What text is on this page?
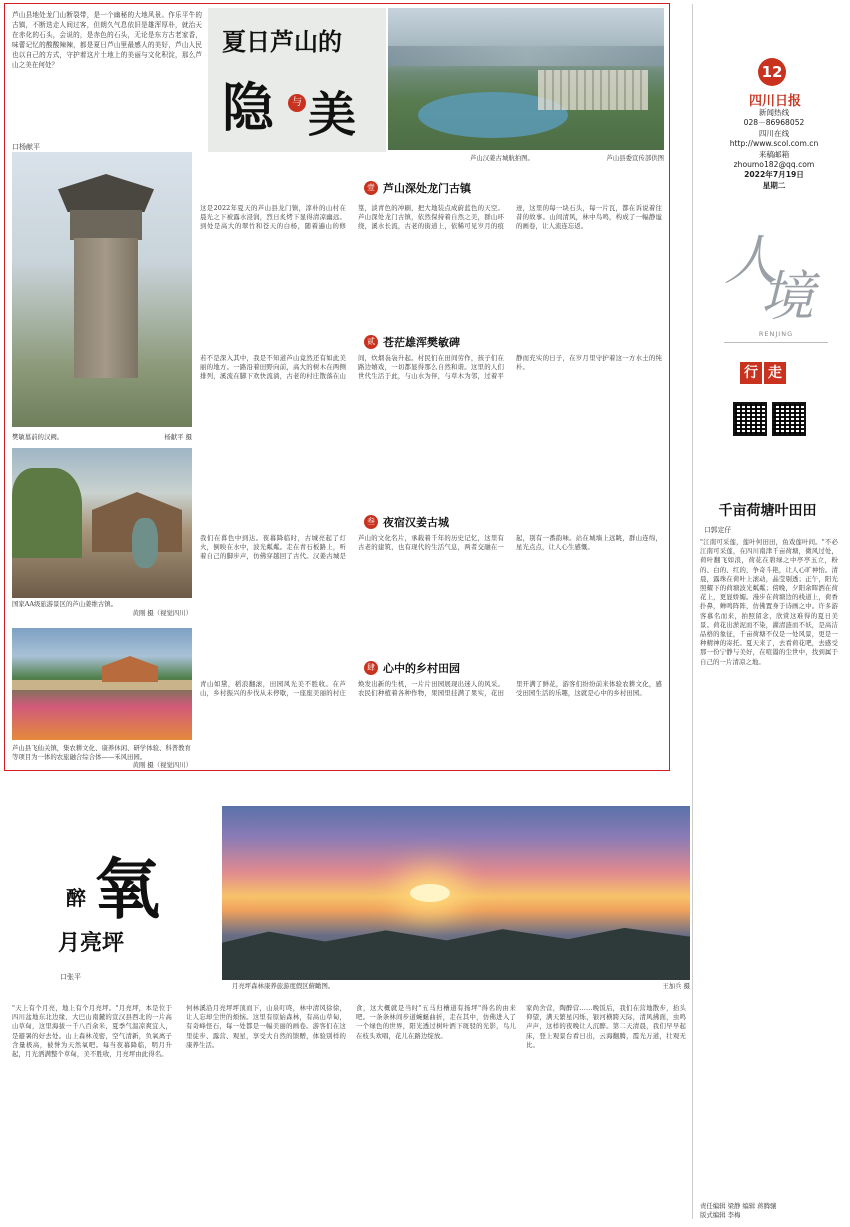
12
四川日报
新闻热线
028－86968052
四川在线
http://www.scol.com.cn
来稿邮箱
zhoumo182@qq.com
2022年7月19日
星期二
人
境
RENJING
行 走
千亩荷塘叶田田
口郭定仔
"江南可采莲，莲叶何田田，鱼戏莲叶间。"不必江南可采莲，在四川南津千亩荷塘，微风过处，荷叶翻飞如浪，荷花在碧绿之中亭亭玉立，粉的、白的、红的，争奇斗艳，让人心旷神怡。清晨，露珠在荷叶上滚动，晶莹剔透；正午，阳光照耀下的荷塘波光粼粼；傍晚，夕阳余晖洒在荷花上，更显娇媚。漫步在荷塘边的栈道上，荷香扑鼻，蝉鸣阵阵，仿佛置身于诗画之中。许多游客慕名而来，拍照留念，欣赏这难得的夏日美景。荷花出淤泥而不染，濯清涟而不妖，是高洁品格的象征，千亩荷塘不仅是一处风景，更是一种精神的寄托。夏天来了，去看荷花吧，去感受那一份宁静与美好，在喧嚣的尘世中，找到属于自己的一片清凉之地。
责任编辑 梁静 编辑 蒋腾骧
版式编辑 李梅
芦山县地处龙门山断裂带，是一个幽秘的大地风景。作乐平牛的古镇，不断迭走人间过客，但朗久气息依旧是雄浑厚朴，就治天在赤化的石头，会说的，是赤色的石头，无论是东方古老家香，味蕾记忆的酸酸辣辣，都是夏日芦山里最感人的美好，芦山人民也以自己的方式，守护着这片土地上的美丽与文化积淀，那么芦山之美在何处？
口杨献平
夏日芦山的
隐	与 美
芦山汉姜古城航拍图。	芦山县委宣传部供图
樊敏墓前的汉阙。	杨献平 摄
国家AA级旅游景区的芦山姜维古镇。
黄刚 摄（视觉四川）
芦山县飞仙关镇，集农耕文化、康养休闲、研学体验、科普教育等项目为一体的农旅融合综合体——禾风田园。
黄刚 摄（视觉四川）
壹 芦山深处龙门古镇
贰 苍茫雄浑樊敏碑
叁 夜宿汉姜古城
肆 心中的乡村田园
这是2022年夏天的芦山县龙门镇，淳朴的山村在晨光之下被露水浸润，烈日炙烤下显得清凉幽远。到处是高大的翠竹和苍天的白杨，随着遍山的修篁，淡青色的冲刷，把大地装点成蔚蓝色的天空。芦山深处龙门古镇，依然保持着自然之美，群山环绕，溪水长流，古老的街道上，依稀可见岁月的痕迹，这里的每一块石头，每一片瓦，都在诉说着往昔的故事。山间清风，林中鸟鸣，构成了一幅静谧的画卷，让人流连忘返。
若不是深入其中，我是不知道芦山竟然还有如此美丽的地方。一路沿着田野向前，高大的树木在两侧排列，溪流在脚下欢快流淌，古老的村庄散落在山间，炊烟袅袅升起。村民们在田间劳作，孩子们在路边嬉戏，一切都显得那么自然和谐。这里的人们世代生活于此，与山水为伴，与草木为邻，过着平静而充实的日子，在岁月里守护着这一方水土的纯朴。
我们在暮色中到达。夜幕降临时，古城亮起了灯火，倒映在水中，波光粼粼。走在青石板路上，听着自己的脚步声，仿佛穿越回了古代。汉姜古城是芦山的文化名片，承载着千年的历史记忆，这里有古老的建筑，也有现代的生活气息，两者交融在一起，别有一番韵味。站在城墙上远眺，群山连绵，星光点点，让人心生感慨。
青山如黛，稻浪翻滚，田园风光美不胜收。在芦山，乡村振兴的步伐从未停歇，一座座美丽的村庄焕发出新的生机，一片片田园展现出迷人的风采。农民们种植着各种作物，果园里挂满了果实，花田里开满了鲜花，游客们纷纷前来体验农耕文化，感受田园生活的乐趣，这就是心中的乡村田园。
醉 氧
月亮坪
口张平
月亮坪森林康养旅游度假区俯瞰图。	王加兵 摄
"天上有个月亮，地上有个月亮坪。"月亮坪，本是位于四川盆地东北边缘、大巴山南麓的宣汉县西北的一片高山草甸，这里海拔一千八百余米，夏季气温凉爽宜人，是避暑的好去处。山上森林茂密，空气清新，负氧离子含量极高，被誉为天然氧吧。每当夜幕降临，明月升起，月光洒满整个草甸，美不胜收，月亮坪由此得名。
何林溪沿月亮坪坪顶而下，山泉叮咚，林中清风徐徐，让人忘却尘世的烦恼。这里有原始森林，有高山草甸，有奇峰怪石，每一处都是一幅美丽的画卷。游客们在这里徒步、露营、观星，享受大自然的馈赠，体验别样的康养生活。
食，这大概就是当时"五马归槽道有扬坪"得名的由来吧。一条条林间步道蜿蜒曲折，走在其中，仿佛进入了一个绿色的世界，阳光透过树叶洒下斑驳的光影，鸟儿在枝头欢唱，花儿在路边绽放。
家尚舍营，陶醉营……晚饭后，我们在营地散步，抬头仰望，满天繁星闪烁，银河横跨天际，清风拂面，虫鸣声声，这样的夜晚让人沉醉。第二天清晨，我们早早起床，登上观景台看日出，云海翻腾，霞光万道，壮观无比。
